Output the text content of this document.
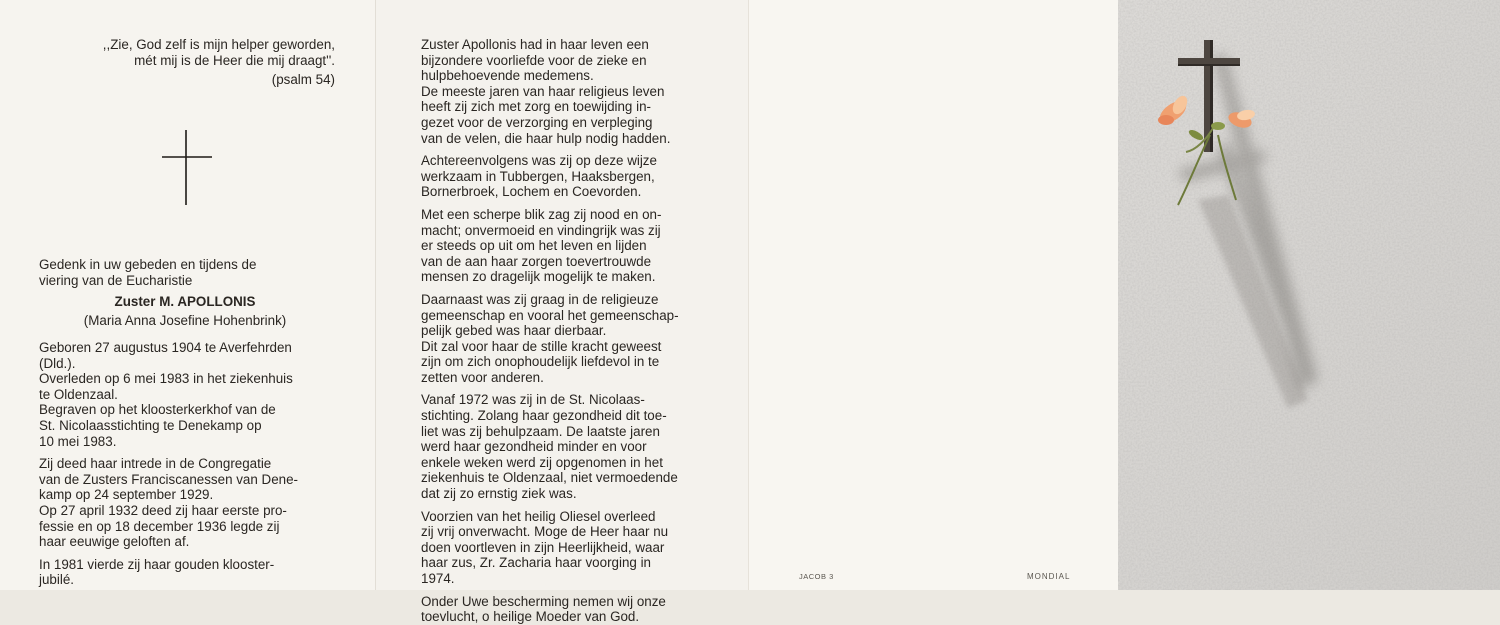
,,Zie, God zelf is mijn helper geworden,
mét mij is de Heer die mij draagt''.
(psalm 54)
Gedenk in uw gebeden en tijdens de
viering van de Eucharistie
Zuster M. APOLLONIS
(Maria Anna Josefine Hohenbrink)
Geboren 27 augustus 1904 te Averfehrden
(Dld.).
Overleden op 6 mei 1983 in het ziekenhuis
te Oldenzaal.
Begraven op het kloosterkerkhof van de
St. Nicolaasstichting te Denekamp op
10 mei 1983.
Zij deed haar intrede in de Congregatie
van de Zusters Franciscanessen van Dene-
kamp op 24 september 1929.
Op 27 april 1932 deed zij haar eerste pro-
fessie en op 18 december 1936 legde zij
haar eeuwige geloften af.
In 1981 vierde zij haar gouden klooster-
jubilé.
Zuster Apollonis had in haar leven een
bijzondere voorliefde voor de zieke en
hulpbehoevende medemens.
De meeste jaren van haar religieus leven
heeft zij zich met zorg en toewijding in-
gezet voor de verzorging en verpleging
van de velen, die haar hulp nodig hadden.
Achtereenvolgens was zij op deze wijze
werkzaam in Tubbergen, Haaksbergen,
Bornerbroek, Lochem en Coevorden.
Met een scherpe blik zag zij nood en on-
macht; onvermoeid en vindingrijk was zij
er steeds op uit om het leven en lijden
van de aan haar zorgen toevertrouwde
mensen zo dragelijk mogelijk te maken.
Daarnaast was zij graag in de religieuze
gemeenschap en vooral het gemeenschap-
pelijk gebed was haar dierbaar.
Dit zal voor haar de stille kracht geweest
zijn om zich onophoudelijk liefdevol in te
zetten voor anderen.
Vanaf 1972 was zij in de St. Nicolaas-
stichting. Zolang haar gezondheid dit toe-
liet was zij behulpzaam. De laatste jaren
werd haar gezondheid minder en voor
enkele weken werd zij opgenomen in het
ziekenhuis te Oldenzaal, niet vermoedende
dat zij zo ernstig ziek was.
Voorzien van het heilig Oliesel overleed
zij vrij onverwacht. Moge de Heer haar nu
doen voortleven in zijn Heerlijkheid, waar
haar zus, Zr. Zacharia haar voorging in
1974.
Onder Uwe bescherming nemen wij onze
toevlucht, o heilige Moeder van God.
JACOB 3	MONDIAL
